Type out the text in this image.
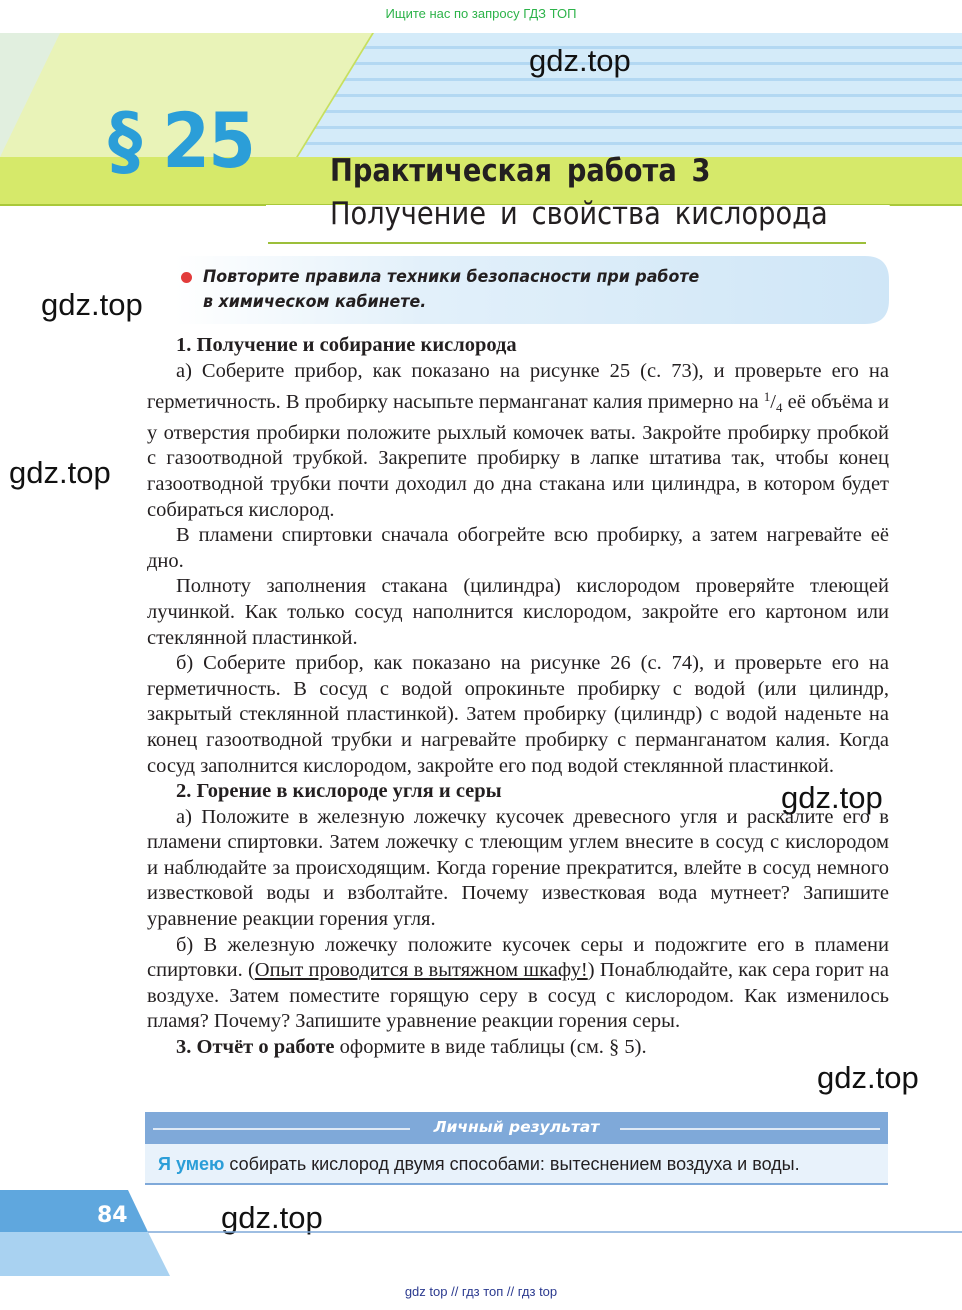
Ищите нас по запросу ГДЗ ТОП
§ 25 Практическая работа 3
Получение и свойства кислорода
gdz.top
gdz.top
gdz.top
gdz.top
gdz.top
gdz.top
Повторите правила техники безопасности при работе
в химическом кабинете.

1. Получение и собирание кислорода

а) Соберите прибор, как показано на рисунке 25 (с. 73), и проверьте его на герметичность. В пробирку насыпьте перманганат калия примерно на $^1/_4$ её объёма и у отверстия пробирки положите рыхлый комочек ваты. Закройте пробирку пробкой с газоотводной трубкой. Закрепите пробирку в лапке штатива так, чтобы конец газоотводной трубки почти доходил до дна стакана или цилиндра, в котором будет собираться кислород.

В пламени спиртовки сначала обогрейте всю пробирку, а затем нагревайте её дно.

Полноту заполнения стакана (цилиндра) кислородом проверяйте тлеющей лучинкой. Как только сосуд наполнится кислородом, закройте его картоном или стеклянной пластинкой.

б) Соберите прибор, как показано на рисунке 26 (с. 74), и проверьте его на герметичность. В сосуд с водой опрокиньте пробирку с водой (или цилиндр, закрытый стеклянной пластинкой). Затем пробирку (цилиндр) с водой наденьте на конец газоотводной трубки и нагревайте пробирку с перманганатом калия. Когда сосуд заполнится кислородом, закройте его под водой стеклянной пластинкой.

2. Горение в кислороде угля и серы

а) Положите в железную ложечку кусочек древесного угля и раскалите его в пламени спиртовки. Затем ложечку с тлеющим углем внесите в сосуд с кислородом и наблюдайте за происходящим. Когда горение прекратится, влейте в сосуд немного известковой воды и взболтайте. Почему известковая вода мутнеет? Запишите уравнение реакции горения угля.

б) В железную ложечку положите кусочек серы и подожгите его в пламени спиртовки. (Опыт проводится в вытяжном шкафу!) Понаблюдайте, как сера горит на воздухе. Затем поместите горящую серу в сосуд с кислородом. Как изменилось пламя? Почему? Запишите уравнение реакции горения серы.

3. Отчёт о работе оформите в виде таблицы (см. § 5).

Личный результат
Я умею собирать кислород двумя способами: вытеснением воздуха и воды.
84
gdz top // гдз топ // гдз top
